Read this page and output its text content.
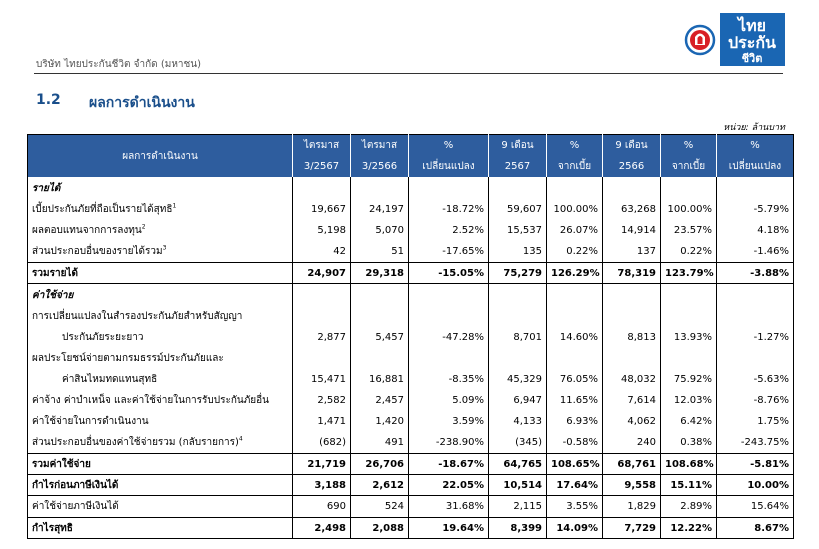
บริษัท ไทยประกันชีวิต จำกัด (มหาชน)
ไทย
ประกัน
ชีวิต
1.2 ผลการดำเนินงาน
หน่วย: ล้านบาท
ผลการดำเนินงาน	ไตรมาส	ไตรมาส	%	9 เดือน	%	9 เดือน	%	%
	3/2567	3/2566	เปลี่ยนแปลง	2567	จากเบี้ย	2566	จากเบี้ย	เปลี่ยนแปลง
รายได้								
เบี้ยประกันภัยที่ถือเป็นรายได้สุทธิ$^1$	19,667	24,197	-18.72%	59,607	100.00%	63,268	100.00%	-5.79%
ผลตอบแทนจากการลงทุน$^2$	5,198	5,070	2.52%	15,537	26.07%	14,914	23.57%	4.18%
ส่วนประกอบอื่นของรายได้รวม$^3$	42	51	-17.65%	135	0.22%	137	0.22%	-1.46%
รวมรายได้	24,907	29,318	-15.05%	75,279	126.29%	78,319	123.79%	-3.88%
ค่าใช้จ่าย								
การเปลี่ยนแปลงในสำรองประกันภัยสำหรับสัญญา								
ประกันภัยระยะยาว	2,877	5,457	-47.28%	8,701	14.60%	8,813	13.93%	-1.27%
ผลประโยชน์จ่ายตามกรมธรรม์ประกันภัยและ								
ค่าสินไหมทดแทนสุทธิ	15,471	16,881	-8.35%	45,329	76.05%	48,032	75.92%	-5.63%
ค่าจ้าง ค่าบำเหน็จ และค่าใช้จ่ายในการรับประกันภัยอื่น	2,582	2,457	5.09%	6,947	11.65%	7,614	12.03%	-8.76%
ค่าใช้จ่ายในการดำเนินงาน	1,471	1,420	3.59%	4,133	6.93%	4,062	6.42%	1.75%
ส่วนประกอบอื่นของค่าใช้จ่ายรวม (กลับรายการ)$^4$	(682)	491	-238.90%	(345)	-0.58%	240	0.38%	-243.75%
รวมค่าใช้จ่าย	21,719	26,706	-18.67%	64,765	108.65%	68,761	108.68%	-5.81%
กำไรก่อนภาษีเงินได้	3,188	2,612	22.05%	10,514	17.64%	9,558	15.11%	10.00%
ค่าใช้จ่ายภาษีเงินได้	690	524	31.68%	2,115	3.55%	1,829	2.89%	15.64%
กำไรสุทธิ	2,498	2,088	19.64%	8,399	14.09%	7,729	12.22%	8.67%
